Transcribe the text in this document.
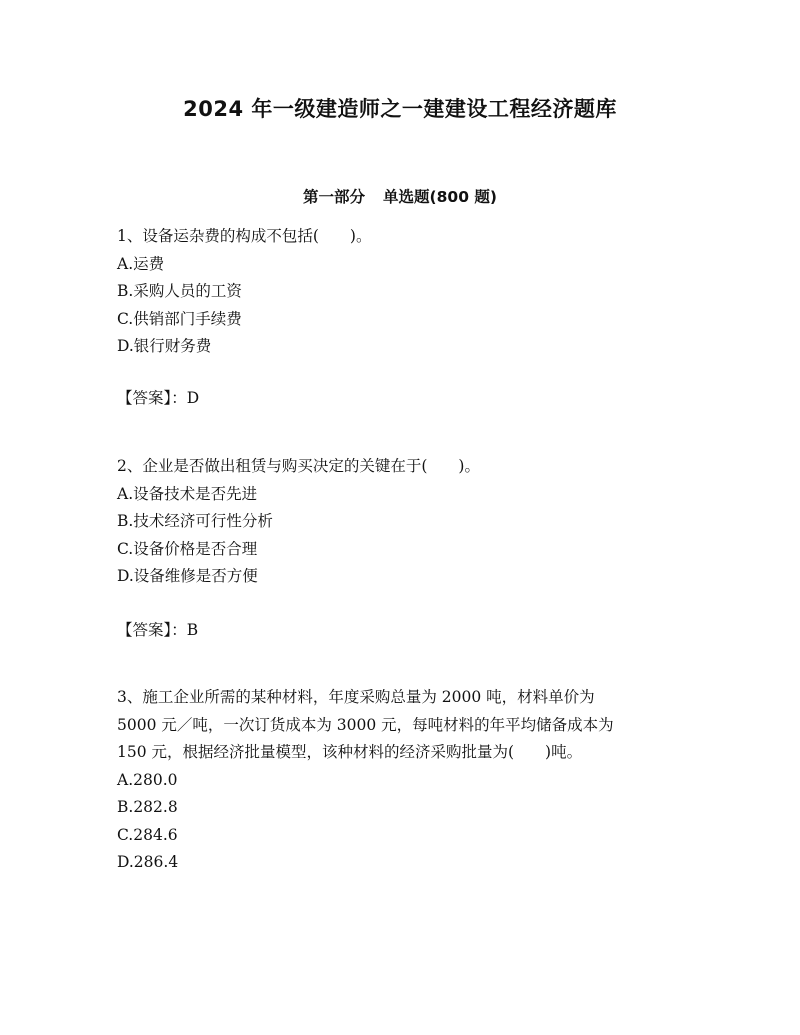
2024 年一级建造师之一建建设工程经济题库
第一部分 单选题(800 题)
1、设备运杂费的构成不包括(　　)。
A.运费
B.采购人员的工资
C.供销部门手续费
D.银行财务费
【答案】：D
2、企业是否做出租赁与购买决定的关键在于(　　)。
A.设备技术是否先进
B.技术经济可行性分析
C.设备价格是否合理
D.设备维修是否方便
【答案】：B
3、施工企业所需的某种材料，年度采购总量为 2000 吨，材料单价为
5000 元／吨，一次订货成本为 3000 元，每吨材料的年平均储备成本为
150 元，根据经济批量模型，该种材料的经济采购批量为(　　)吨。
A.280.0
B.282.8
C.284.6
D.286.4
